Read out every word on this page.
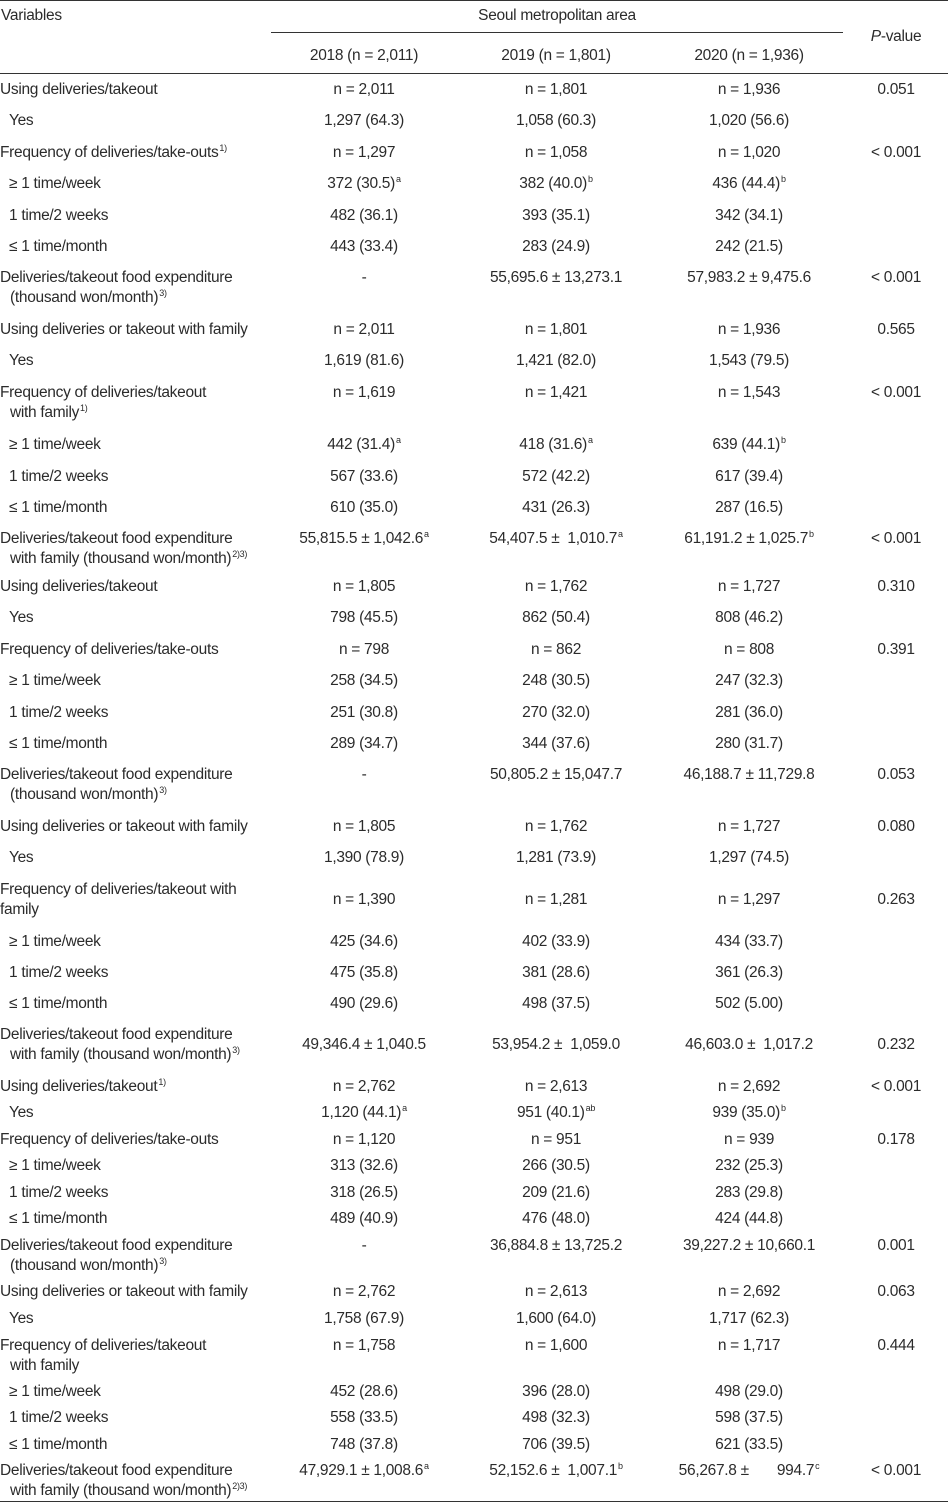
Variables	Seoul metropolitan area			P-value
	2018 (n = 2,011)	2019 (n = 1,801)	2020 (n = 1,936)	

Using deliveries/takeout	n = 2,011	n = 1,801	n = 1,936	0.051

Yes	1,297 (64.3)	1,058 (60.3)	1,020 (56.6)	

Frequency of deliveries/take-outs$^{1)}$	n = 1,297	n = 1,058	n = 1,020	< 0.001

≥ 1 time/week	372 $(30.5)^a$	382 $(40.0)^b$	436 $(44.4)^b$

1 time/2 weeks	482 (36.1)	393 (35.1)	342 (34.1)	

≤ 1 time/month	443 (33.4)	283 (24.9)	242 (21.5)	

Deliveries/takeout food expenditure
(thousand won/month)$^{3)}$	-	55,695.6 ± 13,273.1	57,983.2 ± 9,475.6	< 0.001

Using deliveries or takeout with family	n = 2,011	n = 1,801	n = 1,936	0.565

Yes	1,619 (81.6)	1,421 (82.0)	1,543 (79.5)	

Frequency of deliveries/takeout
with family$^{1)}$	n = 1,619	n = 1,421	n = 1,543	< 0.001

≥ 1 time/week	442 $(31.4)^a$	418 $(31.6)^a$	639 $(44.1)^b$

1 time/2 weeks	567 (33.6)	572 (42.2)	617 (39.4)	

≤ 1 time/month	610 (35.0)	431 (26.3)	287 (16.5)	

Deliveries/takeout food expenditure
with family (thousand won/month)$^{2)3)}$	55,815.5 ± 1,042.6$^a$	54,407.5 ±  1,010.7$^a$	61,191.2 ± 1,025.7$^b$	< 0.001

Using deliveries/takeout	n = 1,805	n = 1,762	n = 1,727	0.310

Yes	798 (45.5)	862 (50.4)	808 (46.2)	

Frequency of deliveries/take-outs	n = 798	n = 862	n = 808	0.391

≥ 1 time/week	258 (34.5)	248 (30.5)	247 (32.3)	

1 time/2 weeks	251 (30.8)	270 (32.0)	281 (36.0)	

≤ 1 time/month	289 (34.7)	344 (37.6)	280 (31.7)	

Deliveries/takeout food expenditure
(thousand won/month)$^{3)}$	-	50,805.2 ± 15,047.7	46,188.7 ± 11,729.8	0.053

Using deliveries or takeout with family	n = 1,805	n = 1,762	n = 1,727	0.080

Yes	1,390 (78.9)	1,281 (73.9)	1,297 (74.5)	

Frequency of deliveries/takeout with
family	n = 1,390	n = 1,281	n = 1,297	0.263

≥ 1 time/week	425 (34.6)	402 (33.9)	434 (33.7)	

1 time/2 weeks	475 (35.8)	381 (28.6)	361 (26.3)	

≤ 1 time/month	490 (29.6)	498 (37.5)	502 (5.00)	

Deliveries/takeout food expenditure
with family (thousand won/month)$^{3)}$	49,346.4 ± 1,040.5	53,954.2 ±  1,059.0	46,603.0 ±  1,017.2	0.232

Using deliveries/takeout$^{1)}$	n = 2,762	n = 2,613	n = 2,692	< 0.001

Yes	1,120 $(44.1)^a$	951 $(40.1)^{ab}$	939 $(35.0)^b$

Frequency of deliveries/take-outs	n = 1,120	n = 951	n = 939	0.178

≥ 1 time/week	313 (32.6)	266 (30.5)	232 (25.3)	

1 time/2 weeks	318 (26.5)	209 (21.6)	283 (29.8)	

≤ 1 time/month	489 (40.9)	476 (48.0)	424 (44.8)	

Deliveries/takeout food expenditure
(thousand won/month)$^{3)}$	-	36,884.8 ± 13,725.2	39,227.2 ± 10,660.1	0.001

Using deliveries or takeout with family	n = 2,762	n = 2,613	n = 2,692	0.063

Yes	1,758 (67.9)	1,600 (64.0)	1,717 (62.3)	

Frequency of deliveries/takeout
with family	n = 1,758	n = 1,600	n = 1,717	0.444

≥ 1 time/week	452 (28.6)	396 (28.0)	498 (29.0)	

1 time/2 weeks	558 (33.5)	498 (32.3)	598 (37.5)	

≤ 1 time/month	748 (37.8)	706 (39.5)	621 (33.5)	

Deliveries/takeout food expenditure
with family (thousand won/month)$^{2)3)}$	47,929.1 ± 1,008.6$^a$	52,152.6 ±  1,007.1$^b$	56,267.8 ±       994.7$^c$	< 0.001
